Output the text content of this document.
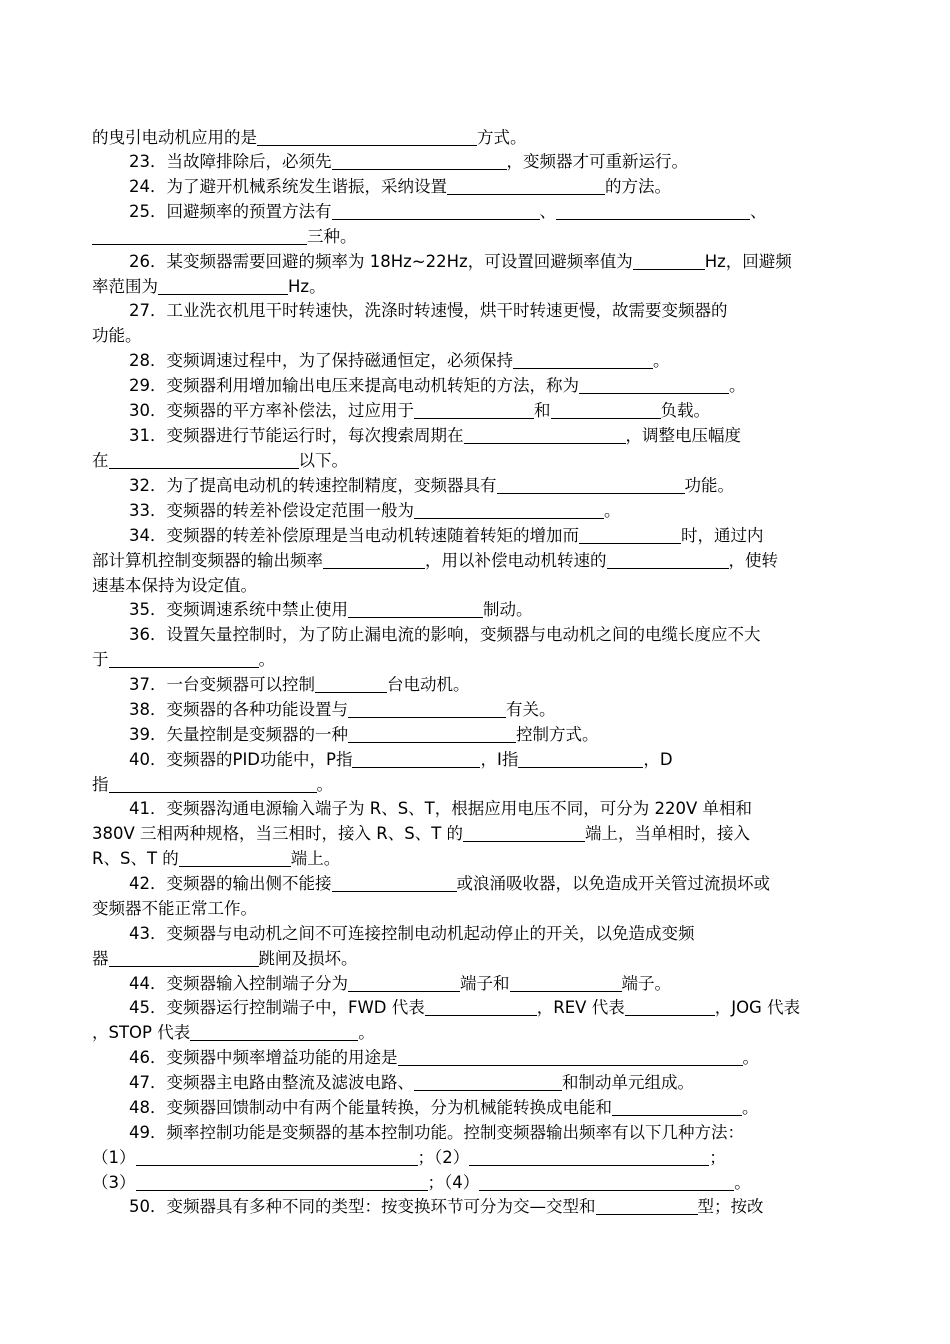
的曳引电动机应用的是	方式。
23．当故障排除后，必须先	，变频器才可重新运行。
24．为了避开机械系统发生谐振，采纳设置	的方法。
25．回避频率的预置方法有	、	、
三种。
26．某变频器需要回避的频率为 18Hz~22Hz，可设置回避频率值为	Hz，回避频
率范围为	Hz。
27．工业洗衣机甩干时转速快，洗涤时转速慢，烘干时转速更慢，故需要变频器的
功能。
28．变频调速过程中，为了保持磁通恒定，必须保持	。
29．变频器利用增加输出电压来提高电动机转矩的方法，称为	。
30．变频器的平方率补偿法，过应用于	和	负载。
31．变频器进行节能运行时，每次搜索周期在	，调整电压幅度
在	以下。
32．为了提高电动机的转速控制精度，变频器具有	功能。
33．变频器的转差补偿设定范围一般为	。
34．变频器的转差补偿原理是当电动机转速随着转矩的增加而	时，通过内
部计算机控制变频器的输出频率	，用以补偿电动机转速的	，使转
速基本保持为设定值。
35．变频调速系统中禁止使用	制动。
36．设置矢量控制时，为了防止漏电流的影响，变频器与电动机之间的电缆长度应不大
于	。
37．一台变频器可以控制	台电动机。
38．变频器的各种功能设置与	有关。
39．矢量控制是变频器的一种	控制方式。
40．变频器的PID功能中，P指	，I指	，D
指	。
41．变频器沟通电源输入端子为 R、S、T，根据应用电压不同，可分为 220V 单相和
380V 三相两种规格，当三相时，接入 R、S、T 的	端上，当单相时，接入
R、S、T 的	端上。
42．变频器的输出侧不能接	或浪涌吸收器，以免造成开关管过流损坏或
变频器不能正常工作。
43．变频器与电动机之间不可连接控制电动机起动停止的开关，以免造成变频
器	跳闸及损坏。
44．变频器输入控制端子分为	端子和	端子。
45．变频器运行控制端子中，FWD 代表	，REV 代表	，JOG 代表
，STOP 代表	。
46．变频器中频率增益功能的用途是	。
47．变频器主电路由整流及滤波电路、	和制动单元组成。
48．变频器回馈制动中有两个能量转换，分为机械能转换成电能和	。
49．频率控制功能是变频器的基本控制功能。控制变频器输出频率有以下几种方法：
（1）	；（2）	；
（3）	；（4）	。
50．变频器具有多种不同的类型：按变换环节可分为交—交型和	型；按改
